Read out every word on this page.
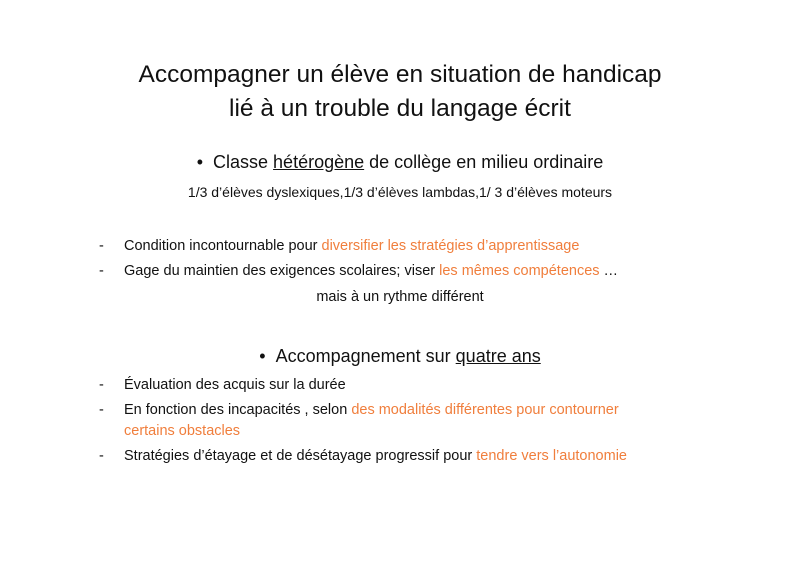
Accompagner un élève en situation de handicap
lié à un trouble du langage écrit
• Classe hétérogène de collège en milieu ordinaire
1/3 d’élèves dyslexiques,1/3 d’élèves lambdas,1/ 3 d’élèves moteurs
- Condition incontournable pour diversifier les stratégies d’apprentissage
- Gage du maintien des exigences scolaires; viser les mêmes compétences …
mais à un rythme différent
• Accompagnement sur quatre ans
- Évaluation des acquis sur la durée
- En fonction des incapacités , selon des modalités différentes pour contourner certains obstacles
- Stratégies d’étayage et de désétayage progressif pour tendre vers l’autonomie
